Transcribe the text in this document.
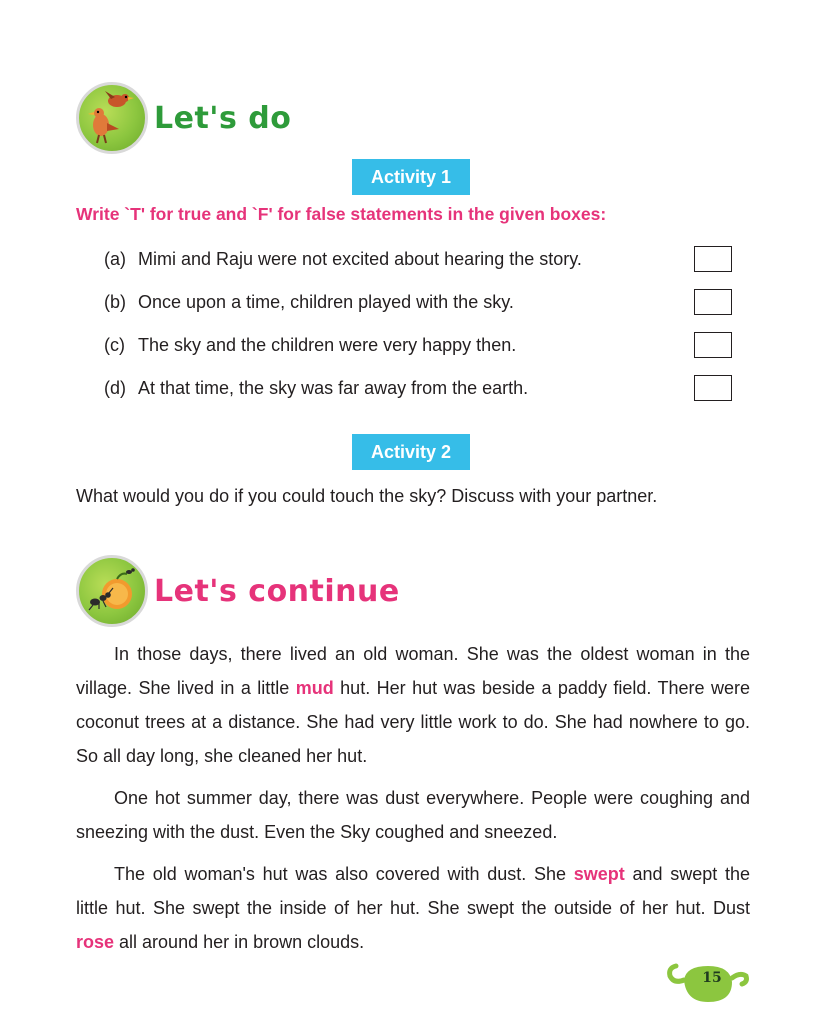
Let's do
Activity 1
Write `T' for true and `F' for false statements in the given boxes:
(a) Mimi and Raju were not excited about hearing the story.
(b) Once upon a time, children played with the sky.
(c) The sky and the children were very happy then.
(d) At that time, the sky was far away from the earth.
Activity 2
What would you do if you could touch the sky? Discuss with your partner.
Let's continue

In those days, there lived an old woman. She was the oldest woman in the village. She lived in a little mud hut. Her hut was beside a paddy field. There were coconut trees at a distance. She had very little work to do. She had nowhere to go. So all day long, she cleaned her hut.

One hot summer day, there was dust everywhere. People were coughing and sneezing with the dust. Even the Sky coughed and sneezed.

The old woman's hut was also covered with dust. She swept and swept the little hut. She swept the inside of her hut. She swept the outside of her hut. Dust rose all around her in brown clouds.

15
